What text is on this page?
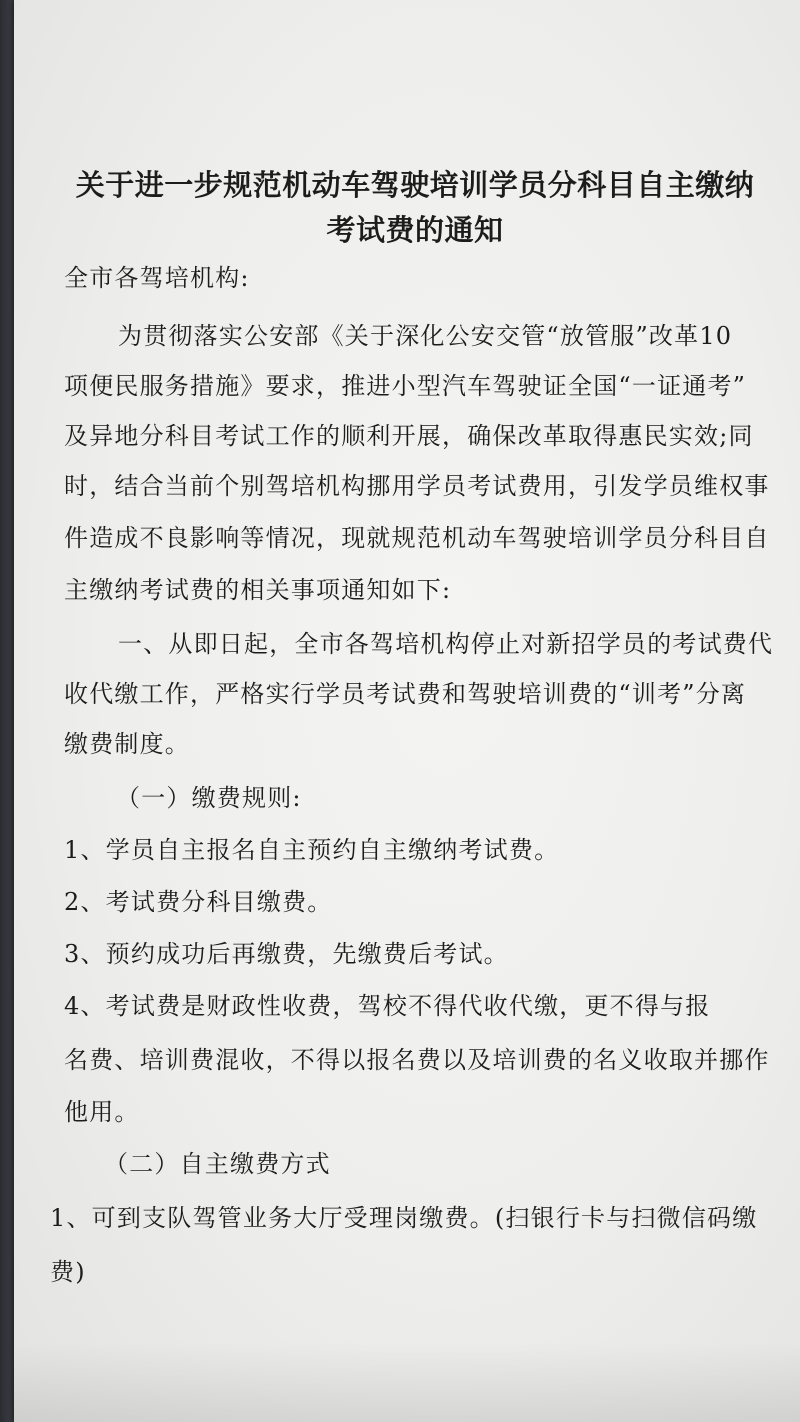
关于进一步规范机动车驾驶培训学员分科目自主缴纳
考试费的通知
全市各驾培机构:
为贯彻落实公安部《关于深化公安交管“放管服”改革10
项便民服务措施》要求，推进小型汽车驾驶证全国“一证通考”
及异地分科目考试工作的顺利开展，确保改革取得惠民实效;同
时，结合当前个别驾培机构挪用学员考试费用，引发学员维权事
件造成不良影响等情况，现就规范机动车驾驶培训学员分科目自
主缴纳考试费的相关事项通知如下:
一、从即日起，全市各驾培机构停止对新招学员的考试费代
收代缴工作，严格实行学员考试费和驾驶培训费的“训考”分离
缴费制度。
（一）缴费规则:
1、学员自主报名自主预约自主缴纳考试费。
2、考试费分科目缴费。
3、预约成功后再缴费，先缴费后考试。
4、考试费是财政性收费，驾校不得代收代缴，更不得与报
名费、培训费混收，不得以报名费以及培训费的名义收取并挪作
他用。
（二）自主缴费方式
1、可到支队驾管业务大厅受理岗缴费。(扫银行卡与扫微信码缴
费)
